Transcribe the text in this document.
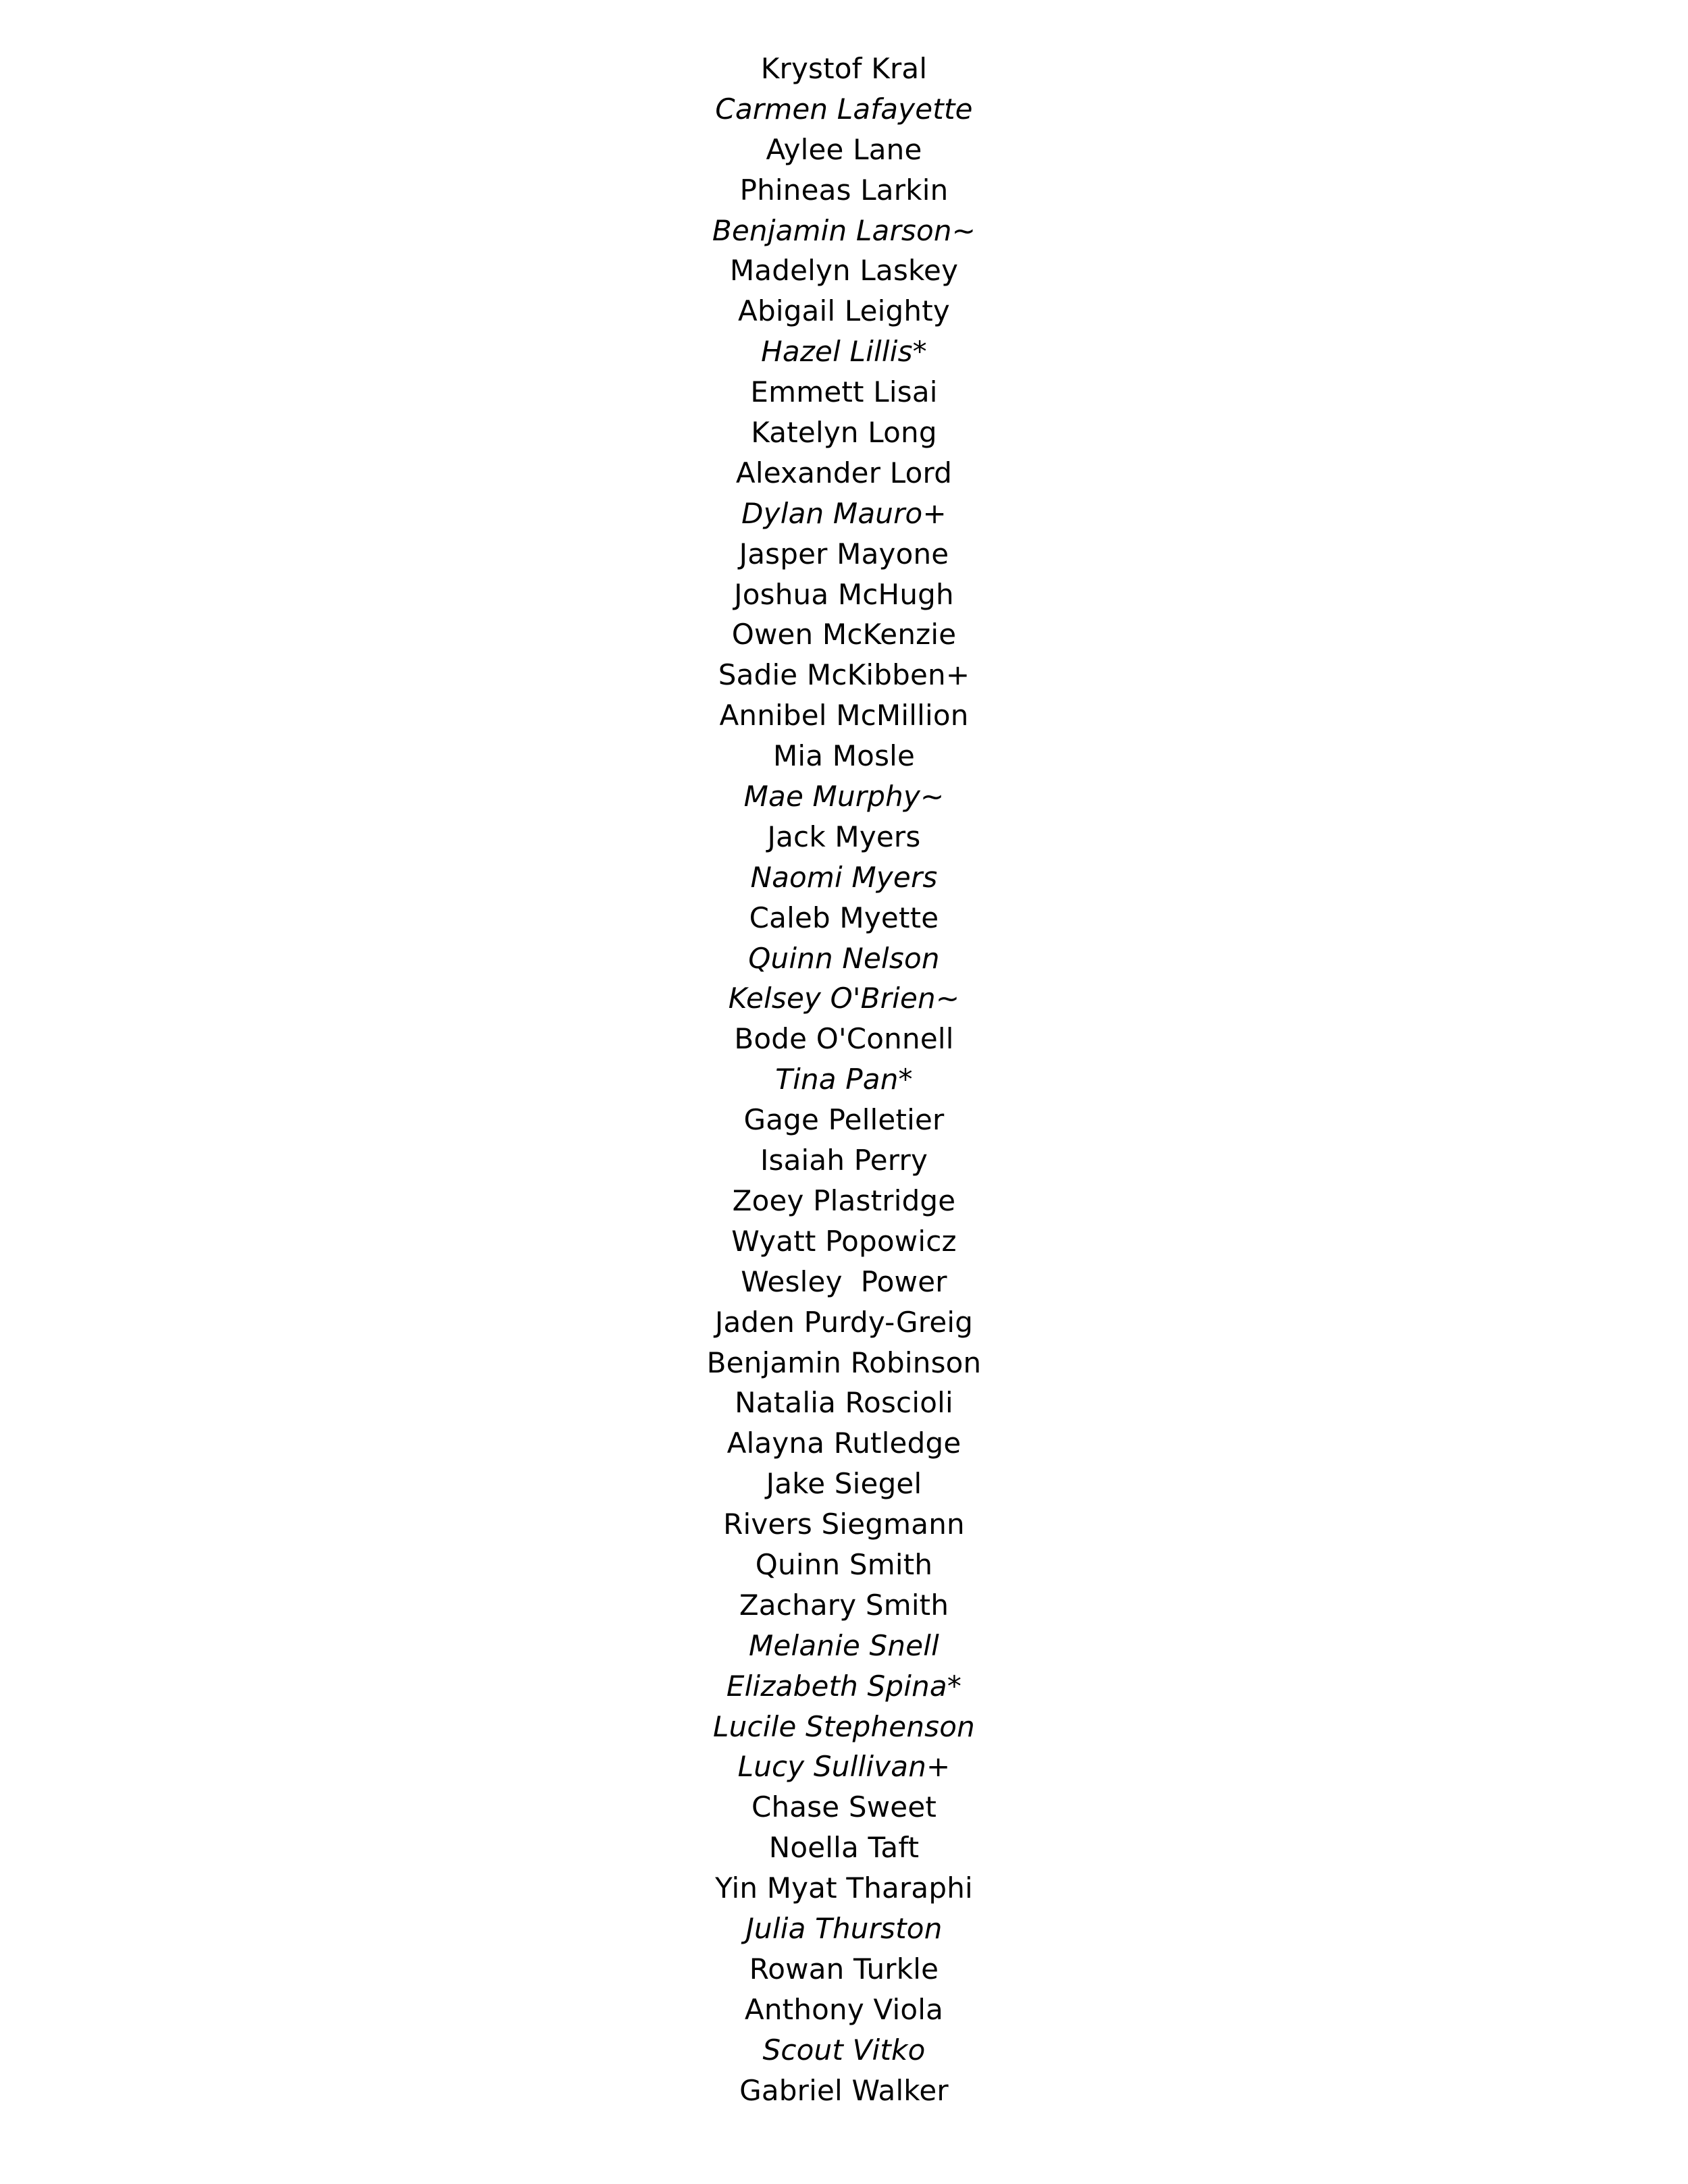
Krystof Kral
Carmen Lafayette
Aylee Lane
Phineas Larkin
Benjamin Larson~
Madelyn Laskey
Abigail Leighty
Hazel Lillis*
Emmett Lisai
Katelyn Long
Alexander Lord
Dylan Mauro+
Jasper Mayone
Joshua McHugh
Owen McKenzie
Sadie McKibben+
Annibel McMillion
Mia Mosle
Mae Murphy~
Jack Myers
Naomi Myers
Caleb Myette
Quinn Nelson
Kelsey O'Brien~
Bode O'Connell
Tina Pan*
Gage Pelletier
Isaiah Perry
Zoey Plastridge
Wyatt Popowicz
Wesley  Power
Jaden Purdy-Greig
Benjamin Robinson
Natalia Roscioli
Alayna Rutledge
Jake Siegel
Rivers Siegmann
Quinn Smith
Zachary Smith
Melanie Snell
Elizabeth Spina*
Lucile Stephenson
Lucy Sullivan+
Chase Sweet
Noella Taft
Yin Myat Tharaphi
Julia Thurston
Rowan Turkle
Anthony Viola
Scout Vitko
Gabriel Walker
